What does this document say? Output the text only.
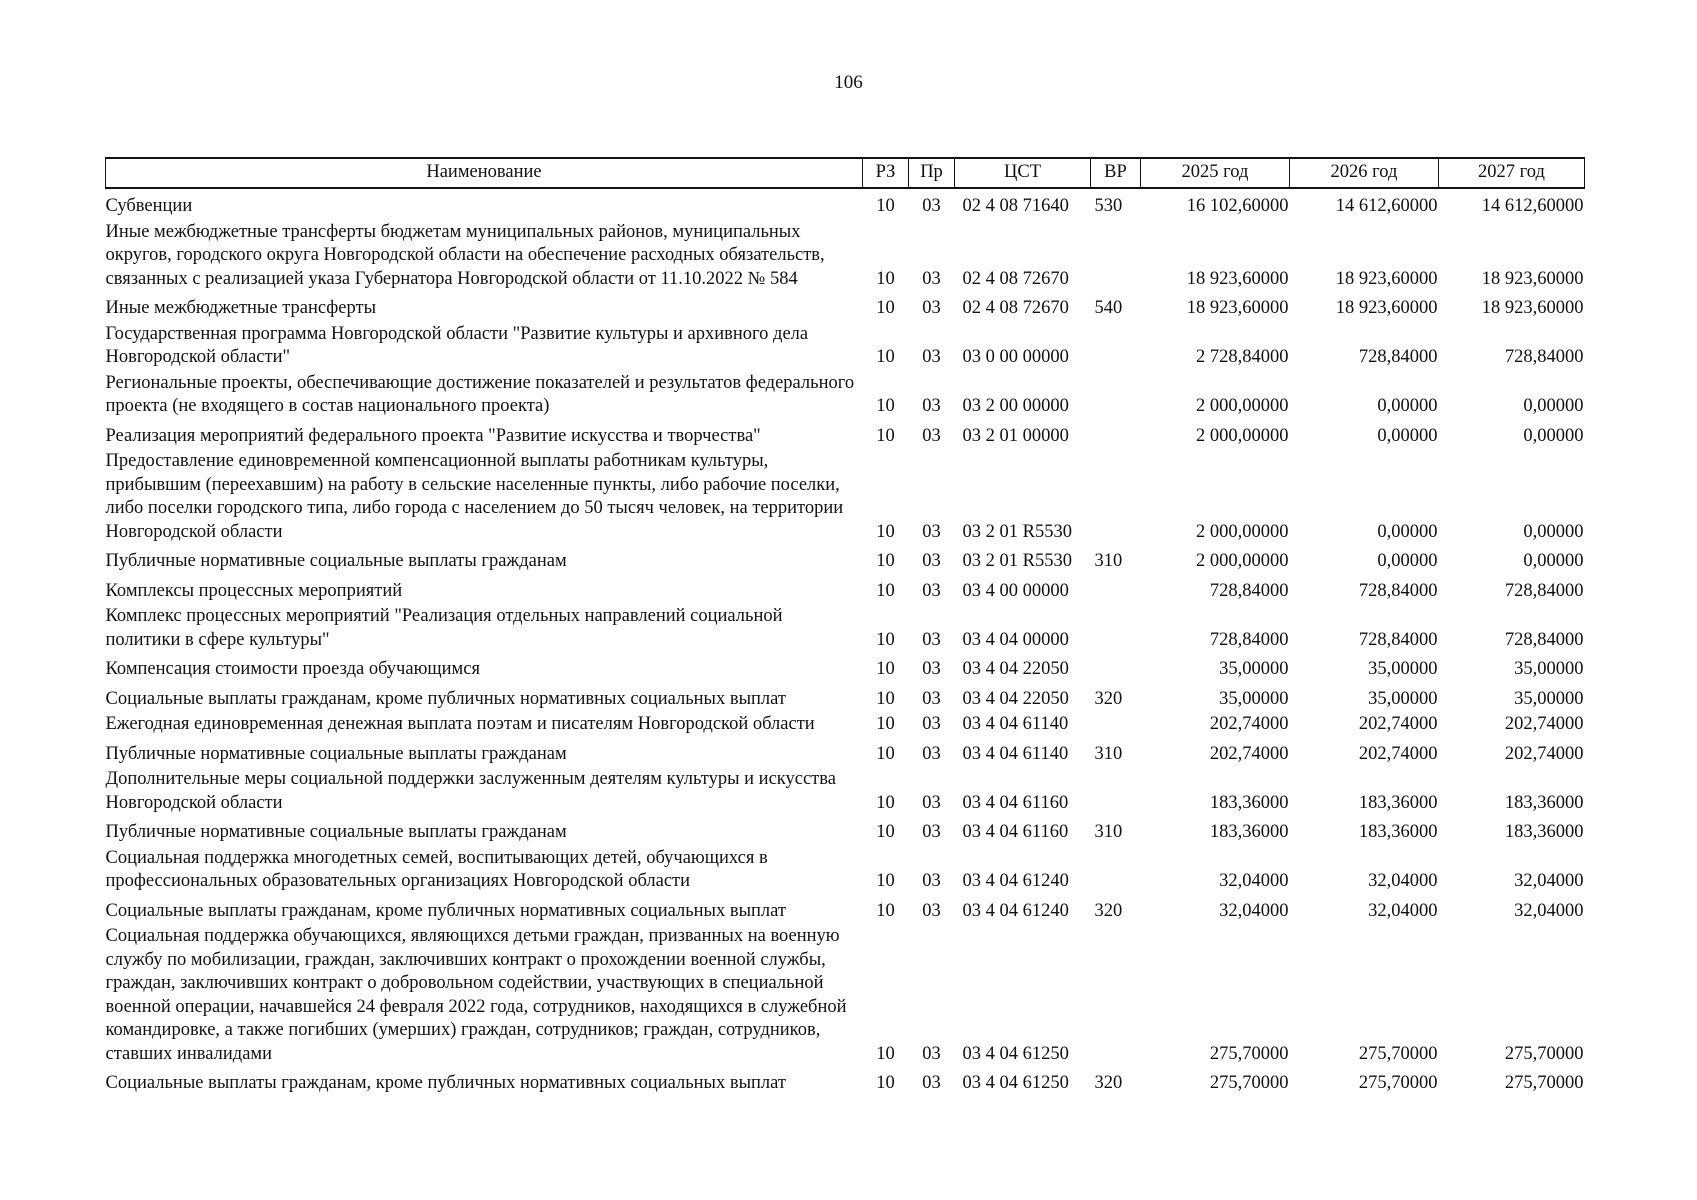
106
Наименование	РЗ	Пр	ЦСТ	ВР	2025 год	2026 год	2027 год
Субвенции	10	03	02 4 08 71640	530	16 102,60000	14 612,60000	14 612,60000
Иные межбюджетные трансферты бюджетам муниципальных районов, муниципальных округов, городского округа Новгородской области на обеспечение расходных обязательств, связанных с реализацией указа Губернатора Новгородской области от 11.10.2022 № 584	10	03	02 4 08 72670		18 923,60000	18 923,60000	18 923,60000
Иные межбюджетные трансферты	10	03	02 4 08 72670	540	18 923,60000	18 923,60000	18 923,60000
Государственная программа Новгородской области "Развитие культуры и архивного дела Новгородской области"	10	03	03 0 00 00000		2 728,84000	728,84000	728,84000
Региональные проекты, обеспечивающие достижение показателей и результатов федерального проекта (не входящего в состав национального проекта)	10	03	03 2 00 00000		2 000,00000	0,00000	0,00000
Реализация мероприятий федерального проекта "Развитие искусства и творчества"	10	03	03 2 01 00000		2 000,00000	0,00000	0,00000
Предоставление единовременной компенсационной выплаты работникам культуры, прибывшим (переехавшим) на работу в сельские населенные пункты, либо рабочие поселки, либо поселки городского типа, либо города с населением до 50 тысяч человек, на территории Новгородской области	10	03	03 2 01 R5530		2 000,00000	0,00000	0,00000
Публичные нормативные социальные выплаты гражданам	10	03	03 2 01 R5530	310	2 000,00000	0,00000	0,00000
Комплексы процессных мероприятий	10	03	03 4 00 00000		728,84000	728,84000	728,84000
Комплекс процессных мероприятий "Реализация отдельных направлений социальной политики в сфере культуры"	10	03	03 4 04 00000		728,84000	728,84000	728,84000
Компенсация стоимости проезда обучающимся	10	03	03 4 04 22050		35,00000	35,00000	35,00000
Социальные выплаты гражданам, кроме публичных нормативных социальных выплат	10	03	03 4 04 22050	320	35,00000	35,00000	35,00000
Ежегодная единовременная денежная выплата поэтам и писателям Новгородской области	10	03	03 4 04 61140		202,74000	202,74000	202,74000
Публичные нормативные социальные выплаты гражданам	10	03	03 4 04 61140	310	202,74000	202,74000	202,74000
Дополнительные меры социальной поддержки заслуженным деятелям культуры и искусства Новгородской области	10	03	03 4 04 61160		183,36000	183,36000	183,36000
Публичные нормативные социальные выплаты гражданам	10	03	03 4 04 61160	310	183,36000	183,36000	183,36000
Социальная поддержка многодетных семей, воспитывающих детей, обучающихся в профессиональных образовательных организациях Новгородской области	10	03	03 4 04 61240		32,04000	32,04000	32,04000
Социальные выплаты гражданам, кроме публичных нормативных социальных выплат	10	03	03 4 04 61240	320	32,04000	32,04000	32,04000
Социальная поддержка обучающихся, являющихся детьми граждан, призванных на военную службу по мобилизации, граждан, заключивших контракт о прохождении военной службы, граждан, заключивших контракт о добровольном содействии, участвующих в специальной военной операции, начавшейся 24 февраля 2022 года, сотрудников, находящихся в служебной командировке, а также погибших (умерших) граждан, сотрудников; граждан, сотрудников, ставших инвалидами	10	03	03 4 04 61250		275,70000	275,70000	275,70000
Социальные выплаты гражданам, кроме публичных нормативных социальных выплат	10	03	03 4 04 61250	320	275,70000	275,70000	275,70000
